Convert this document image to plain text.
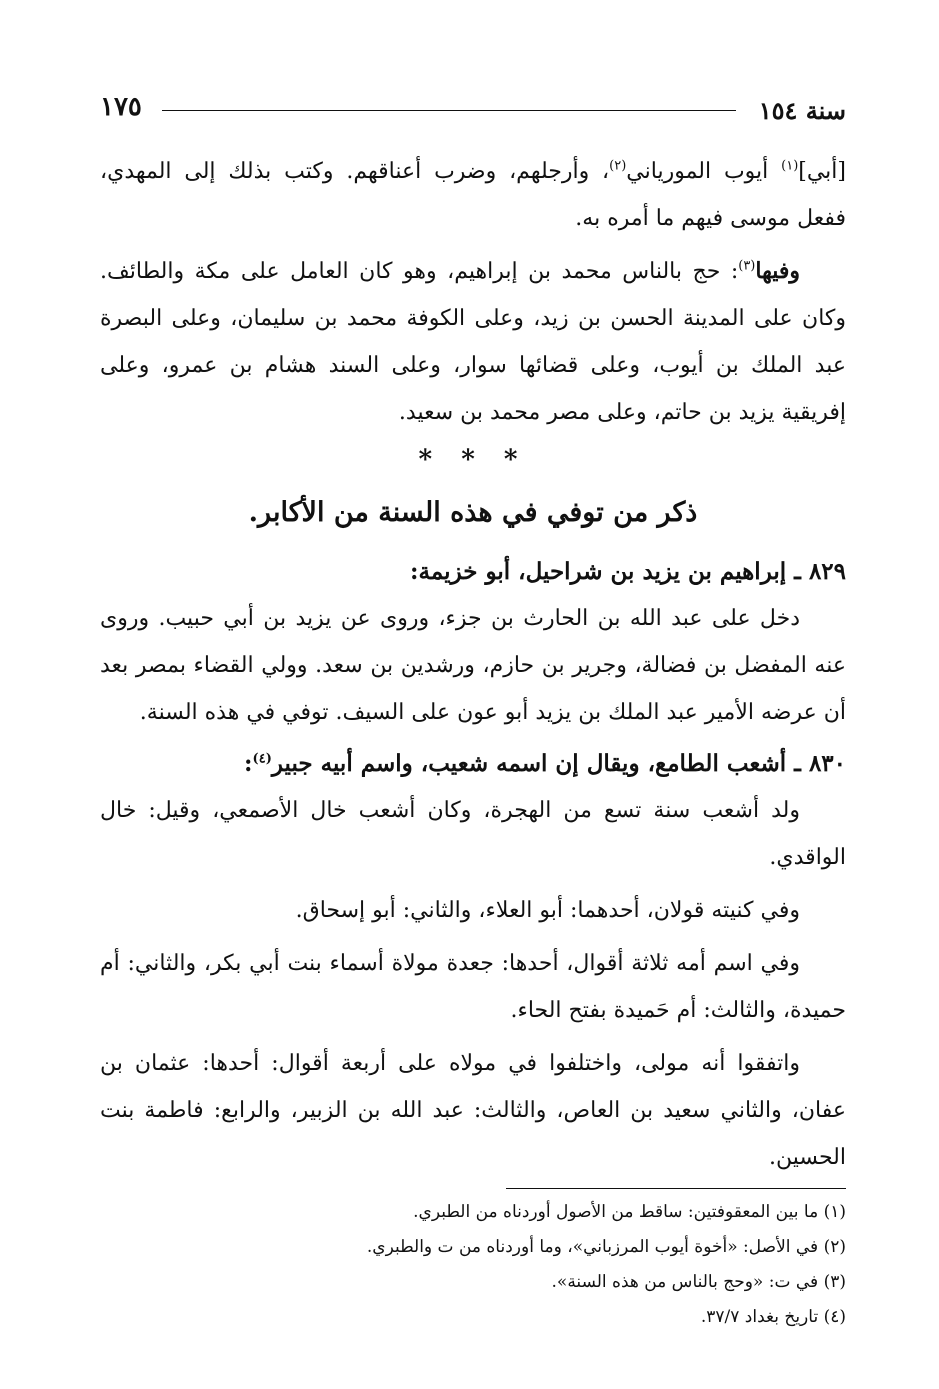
سنة ١٥٤
١٧٥

[أبي]$^{(١)}$ أيوب المورياني$^{(٢)}$، وأرجلهم، وضرب أعناقهم. وكتب بذلك إلى المهدي، ففعل موسى فيهم ما أمره به.

وفيها$^{(٣)}$: حج بالناس محمد بن إبراهيم، وهو كان العامل على مكة والطائف. وكان على المدينة الحسن بن زيد، وعلى الكوفة محمد بن سليمان، وعلى البصرة عبد الملك بن أيوب، وعلى قضائها سوار، وعلى السند هشام بن عمرو، وعلى إفريقية يزيد بن حاتم، وعلى مصر محمد بن سعيد.

* * *
ذكر من توفي في هذه السنة من الأكابر.
٨٢٩ ـ إبراهيم بن يزيد بن شراحيل، أبو خزيمة:

دخل على عبد الله بن الحارث بن جزء، وروى عن يزيد بن أبي حبيب. وروى عنه المفضل بن فضالة، وجرير بن حازم، ورشدين بن سعد. وولي القضاء بمصر بعد أن عرضه الأمير عبد الملك بن يزيد أبو عون على السيف. توفي في هذه السنة.

٨٣٠ ـ أشعب الطامع، ويقال إن اسمه شعيب، واسم أبيه جبير$^{(٤)}$:

ولد أشعب سنة تسع من الهجرة، وكان أشعب خال الأصمعي، وقيل: خال الواقدي.

وفي كنيته قولان، أحدهما: أبو العلاء، والثاني: أبو إسحاق.

وفي اسم أمه ثلاثة أقوال، أحدها: جعدة مولاة أسماء بنت أبي بكر، والثاني: أم حميدة، والثالث: أم حَميدة بفتح الحاء.

واتفقوا أنه مولى، واختلفوا في مولاه على أربعة أقوال: أحدها: عثمان بن عفان، والثاني سعيد بن العاص، والثالث: عبد الله بن الزبير، والرابع: فاطمة بنت الحسين.

(١) ما بين المعقوفتين: ساقط من الأصول أوردناه من الطبري.

(٢) في الأصل: «أخوة أيوب المرزباني»، وما أوردناه من ت والطبري.

(٣) في ت: «وحج بالناس من هذه السنة».

(٤) تاريخ بغداد ٣٧/٧.
